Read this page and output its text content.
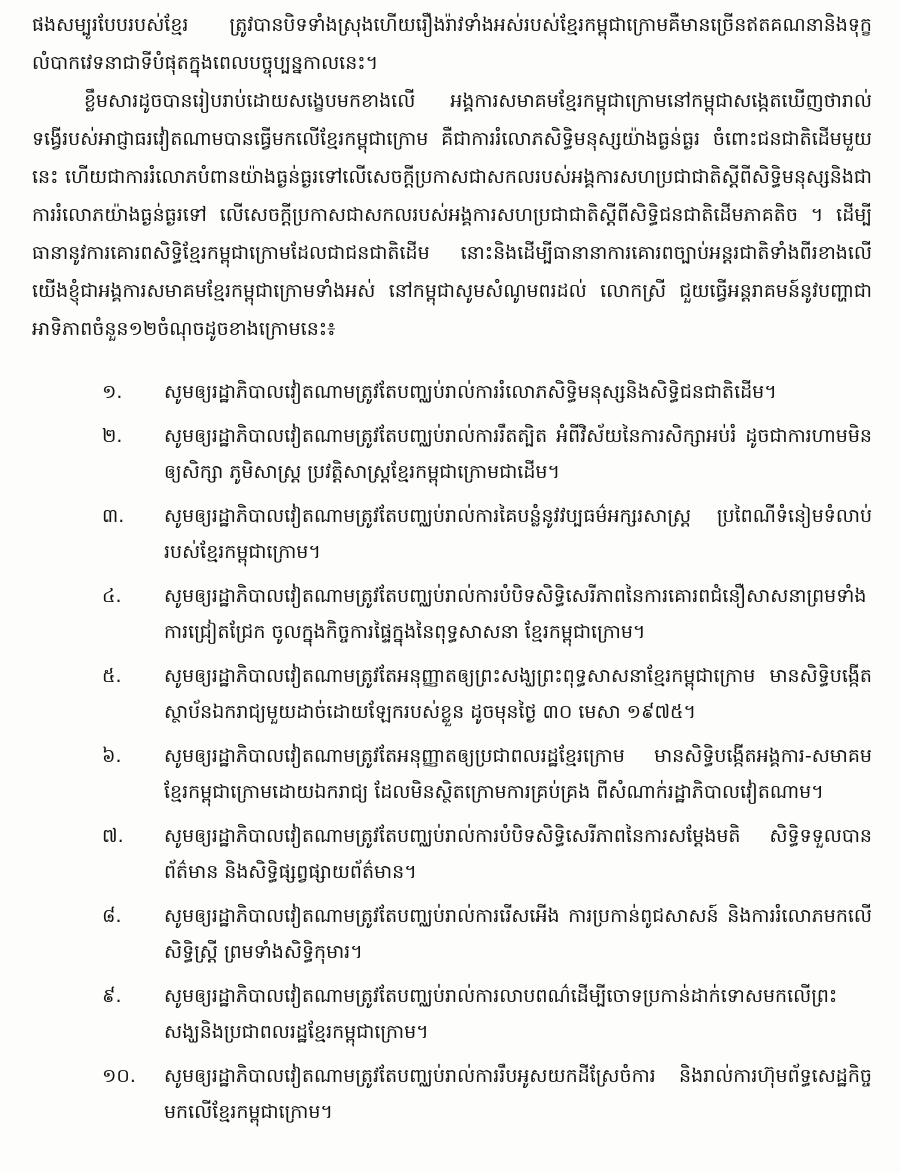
ផងសម្បូរបែបរបស់ខ្មែរ ត្រូវបានបិទទាំងស្រុងហើយរឿងរ៉ាវទាំងអស់របស់ខ្មែរកម្ពុជាក្រោមគឺមានច្រើនឥតគណនានិងទុក្ខលំបាកវេទនាជាទីបំផុតក្នុងពេលបច្ចុប្បន្នកាលនេះ។

ខ្លឹមសារដូចបានរៀបរាប់ដោយសង្ខេបមកខាងលើ អង្គការសមាគមខ្មែរកម្ពុជាក្រោមនៅកម្ពុជាសង្កេតឃើញថារាល់ទង្វើរបស់អាជ្ញាធរវៀតណាមបានធ្វើមកលើខ្មែរកម្ពុជាក្រោម គឺជាការរំលោភសិទ្ធិមនុស្សយ៉ាងធ្ងន់ធ្ងរ ចំពោះជនជាតិដើមមួយនេះ ហើយជាការរំលោភបំពានយ៉ាងធ្ងន់ធ្ងរទៅលើសេចក្តីប្រកាសជាសកលរបស់អង្គការសហប្រជាជាតិស្តីពីសិទ្ធិមនុស្សនិងជាការរំលោភយ៉ាងធ្ងន់ធ្ងរទៅ លើសេចក្តីប្រកាសជាសកលរបស់អង្គការសហប្រជាជាតិស្តីពីសិទ្ធិជនជាតិដើមភាគតិច ។ ដើម្បីធានានូវការគោរពសិទ្ធិខ្មែរកម្ពុជាក្រោមដែលជាជនជាតិដើម នោះនិងដើម្បីធានានាការគោរពច្បាប់អន្តរជាតិទាំងពីរខាងលើ យើងខ្ញុំជាអង្គការសមាគមខ្មែរកម្ពុជាក្រោមទាំងអស់ នៅកម្ពុជាសូមសំណូមពរដល់ លោកស្រី ជួយធ្វើអន្តរាគមន៍នូវបញ្ហាជាអាទិភាពចំនួន១២ចំណុចដូចខាងក្រោមនេះ៖

១.	សូមឲ្យរដ្ឋាភិបាលវៀតណាមត្រូវតែបញ្ឈប់រាល់ការរំលោភសិទ្ធិមនុស្សនិងសិទ្ធិជនជាតិដើម។
២.	សូមឲ្យរដ្ឋាភិបាលវៀតណាមត្រូវតែបញ្ឈប់រាល់ការរឹតត្បិត អំពីវិស័យនៃការសិក្សាអប់រំ ដូចជាការហាមមិនឲ្យសិក្សា ភូមិសាស្ត្រ ប្រវត្តិសាស្ត្រខ្មែរកម្ពុជាក្រោមជាដើម។
៣.	សូមឲ្យរដ្ឋាភិបាលវៀតណាមត្រូវតែបញ្ឈប់រាល់ការគៃបន្លំនូវវប្បធម៌អក្សរសាស្ត្រ ប្រពៃណីទំនៀមទំលាប់ របស់ខ្មែរកម្ពុជាក្រោម។
៤.	សូមឲ្យរដ្ឋាភិបាលវៀតណាមត្រូវតែបញ្ឈប់រាល់ការបំបិទសិទ្ធិសេរីភាពនៃការគោរពជំនឿសាសនាព្រមទាំងការជ្រៀតជ្រែក ចូលក្នុងកិច្ចការផ្ទៃក្នុងនៃពុទ្ធសាសនា ខ្មែរកម្ពុជាក្រោម។
៥.	សូមឲ្យរដ្ឋាភិបាលវៀតណាមត្រូវតែអនុញ្ញាតឲ្យព្រះសង្ឃព្រះពុទ្ធសាសនាខ្មែរកម្ពុជាក្រោម មានសិទ្ធិបង្កើតស្ថាប័នឯករាជ្យមួយដាច់ដោយឡែករបស់ខ្លួន ដូចមុនថ្ងៃ ៣០ មេសា ១៩៧៥។
៦.	សូមឲ្យរដ្ឋាភិបាលវៀតណាមត្រូវតែអនុញ្ញាតឲ្យប្រជាពលរដ្ឋខ្មែរក្រោម មានសិទ្ធិបង្កើតអង្គការ-សមាគមខ្មែរកម្ពុជាក្រោមដោយឯករាជ្យ ដែលមិនស្ថិតក្រោមការគ្រប់គ្រង ពីសំណាក់រដ្ឋាភិបាលវៀតណាម។
៧.	សូមឲ្យរដ្ឋាភិបាលវៀតណាមត្រូវតែបញ្ឈប់រាល់ការបំបិទសិទ្ធិសេរីភាពនៃការសម្តែងមតិ សិទ្ធិទទួលបានព័ត៌មាន និងសិទ្ធិផ្សព្វផ្សាយព័ត៌មាន។
៨.	សូមឲ្យរដ្ឋាភិបាលវៀតណាមត្រូវតែបញ្ឈប់រាល់ការរើសអើង ការប្រកាន់ពូជសាសន៍ និងការរំលោភមកលើសិទ្ធិស្ត្រី ព្រមទាំងសិទ្ធិកុមារ។
៩.	សូមឲ្យរដ្ឋាភិបាលវៀតណាមត្រូវតែបញ្ឈប់រាល់ការលាបពណ៌ដើម្បីចោទប្រកាន់ដាក់ទោសមកលើព្រះសង្ឃនិងប្រជាពលរដ្ឋខ្មែរកម្ពុជាក្រោម។
១០.	សូមឲ្យរដ្ឋាភិបាលវៀតណាមត្រូវតែបញ្ឈប់រាល់ការរឹបអូសយកដីស្រែចំការ និងរាល់ការហ៊ុមព័ទ្ធសេដ្ឋកិច្ច មកលើខ្មែរកម្ពុជាក្រោម។
